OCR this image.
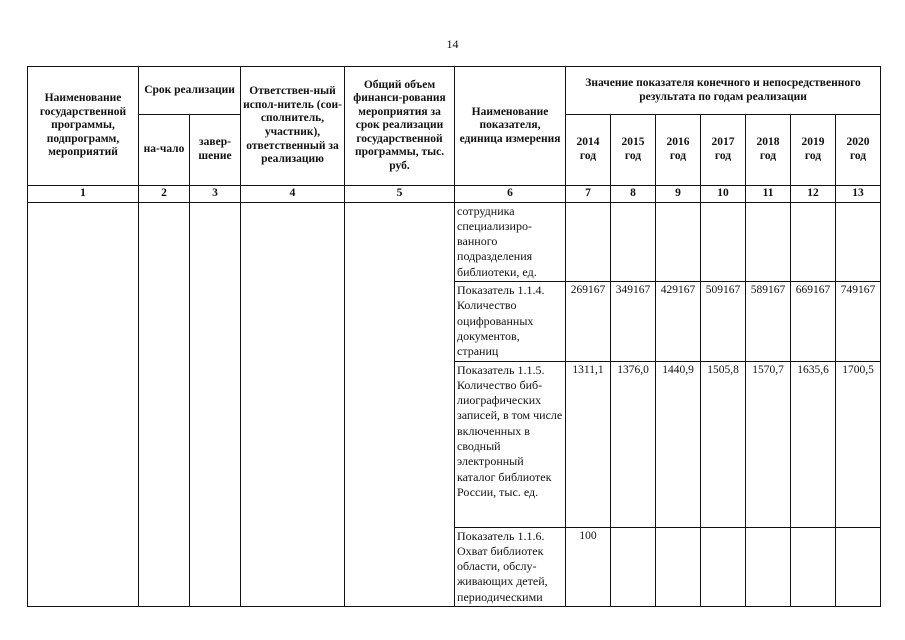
14
Наименование государственной программы, подпрограмм, мероприятий	Срок реализации		Ответствен-ный испол-нитель (сои-сполнитель, участник), ответственный за реализацию	Общий объем финанси-рования мероприятия за срок реализации государственной программы, тыс. руб.	Наименование показателя, единица измерения	Значение показателя конечного и непосредственного результата по годам реализации						
	на-чало	завер-шение				2014 год	2015 год	2016 год	2017 год	2018 год	2019 год	2020 год
1	2	3	4	5	6	7	8	9	10	11	12	13
					сотрудника специализиро-ванного подразделения библиотеки, ед.							
					Показатель 1.1.4. Количество оцифрованных документов, страниц	269167	349167	429167	509167	589167	669167	749167
					Показатель 1.1.5. Количество биб-лиографических записей, в том числе включенных в сводный электронный каталог библиотек России, тыс. ед.	1311,1	1376,0	1440,9	1505,8	1570,7	1635,6	1700,5
					Показатель 1.1.6. Охват библиотек области, обслу-живающих детей, периодическими	100						
